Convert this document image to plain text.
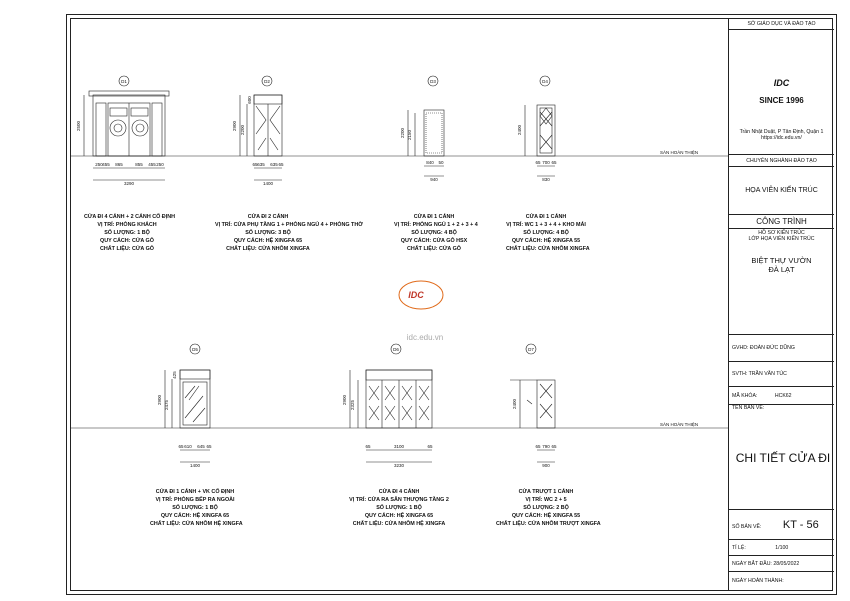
D1	D2	D3	D4
D5	D6	D7
SÀN HOÀN THIỆN
SÀN HOÀN THIỆN
3290
2500
250 455 865	855 455 250
1400
2900 2200
600
65 635 635 65
940
2200 2150
840 50
830
2400
65 700 65
1400
2900 2475
425
65 610 645 65
3230
2900 2325
3100
65	65
900
2400
65 790 65
IDC
idc.edu.vn
CỬA ĐI 4 CÁNH + 2 CÁNH CỐ ĐỊNH
VỊ TRÍ: PHÒNG KHÁCH
SỐ LƯỢNG: 1 BỘ
QUY CÁCH: CỬA GỖ
CHẤT LIỆU: CỬA GỖ
CỬA ĐI 2 CÁNH
VỊ TRÍ: CỬA PHỤ TẦNG 1 + PHÒNG NGỦ 4 + PHÒNG THỜ
SỐ LƯỢNG: 3 BỘ
QUY CÁCH: HỆ XINGFA 65
CHẤT LIỆU: CỬA NHÔM XINGFA
CỬA ĐI 1 CÁNH
VỊ TRÍ: PHÒNG NGỦ 1 + 2 + 3 + 4
SỐ LƯỢNG: 4 BỘ
QUY CÁCH: CỬA GỖ HSX
CHẤT LIỆU: CỬA GỖ
CỬA ĐI 1 CÁNH
VỊ TRÍ: WC 1 + 3 + 4 + KHO MÁI
SỐ LƯỢNG: 4 BỘ
QUY CÁCH: HỆ XINGFA 55
CHẤT LIỆU: CỬA NHÔM XINGFA
CỬA ĐI 1 CÁNH + VK CỐ ĐỊNH
VỊ TRÍ: PHÒNG BẾP RA NGOÀI
SỐ LƯỢNG: 1 BỘ
QUY CÁCH: HỆ XINGFA 65
CHẤT LIỆU: CỬA NHÔM HỆ XINGFA
CỬA ĐI 4 CÁNH
VỊ TRÍ: CỬA RA SÂN THƯỢNG TẦNG 2
SỐ LƯỢNG: 1 BỘ
QUY CÁCH: HỆ XINGFA 65
CHẤT LIỆU: CỬA NHÔM HỆ XINGFA
CỬA TRƯỢT 1 CÁNH
VỊ TRÍ: WC 2 + 5
SỐ LƯỢNG: 2 BỘ
QUY CÁCH: HỆ XINGFA 55
CHẤT LIỆU: CỬA NHÔM TRƯỢT XINGFA
SỞ GIÁO DỤC VÀ ĐÀO TẠO
IDC
SINCE 1996
Trần Nhật Duật, P Tân Định, Quận 1
https://idc.edu.vn/
CHUYÊN NGHÀNH ĐÀO TẠO
HỌA VIÊN KIẾN TRÚC
CÔNG TRÌNH
HỒ SƠ KIẾN TRÚC
LỚP HỌA VIÊN KIẾN TRÚC
BIỆT THỰ VƯỜN
ĐÀ LẠT
GVHD: ĐOÀN ĐỨC DŨNG
SVTH: TRẦN VĂN TÚC
MÃ KHÓA:	HCK62
TÊN BẢN VẼ:
CHI TIẾT CỬA ĐI
SỐ BẢN VẼ: KT - 56
TỈ LỆ:	1/100
NGÀY BẮT ĐẦU: 28/05/2022
NGÀY HOÀN THÀNH:
